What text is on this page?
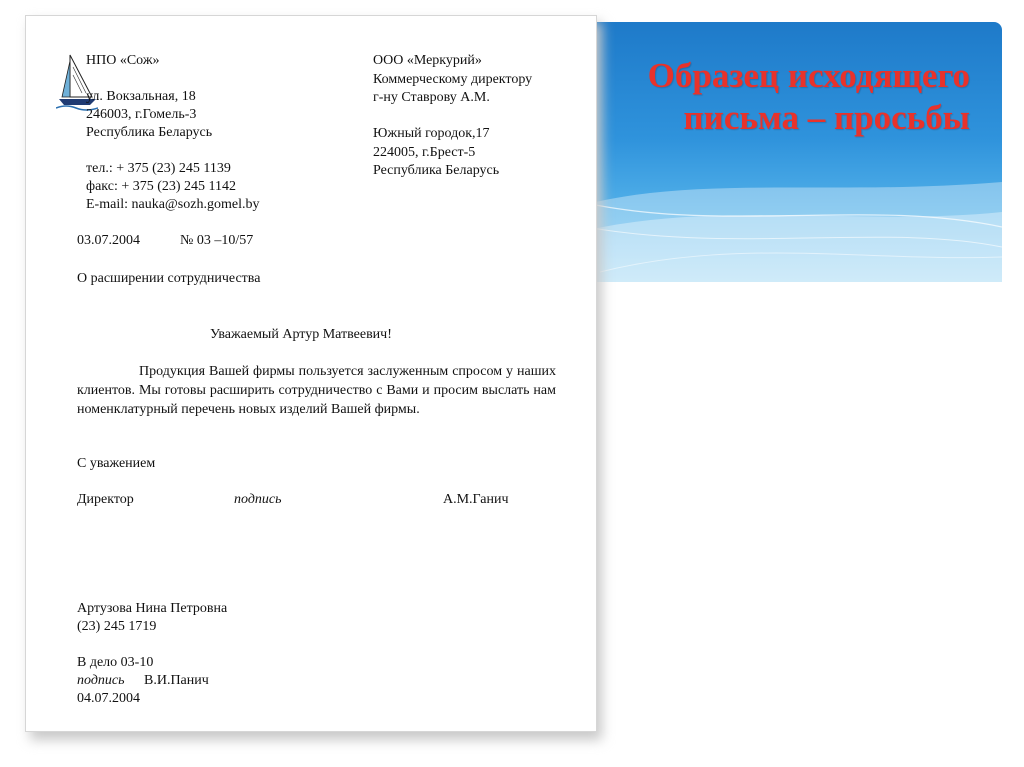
Образец исходящего
письма – просьбы

НПО «Сож»

ул. Вокзальная, 18

246003, г.Гомель-3

Республика Беларусь

тел.: + 375 (23) 245 1139

факс: + 375 (23) 245 1142

E-mail: nauka@sozh.gomel.by

ООО «Меркурий»

Коммерческому директору

г-ну Ставрову А.М.

Южный городок,17

224005, г.Брест-5

Республика Беларусь

03.07.2004	№ 03 –10/57

О расширении сотрудничества

Уважаемый Артур Матвеевич!

С уважением

Директор	подпись	А.М.Ганич

Артузова Нина Петровна

(23) 245 1719

В дело 03-10

подпись В.И.Панич

04.07.2004

Продукция Вашей фирмы пользуется заслуженным спросом у наших клиентов. Мы готовы расширить сотрудничество с Вами и просим выслать нам номенклатурный перечень новых изделий Вашей фирмы.
